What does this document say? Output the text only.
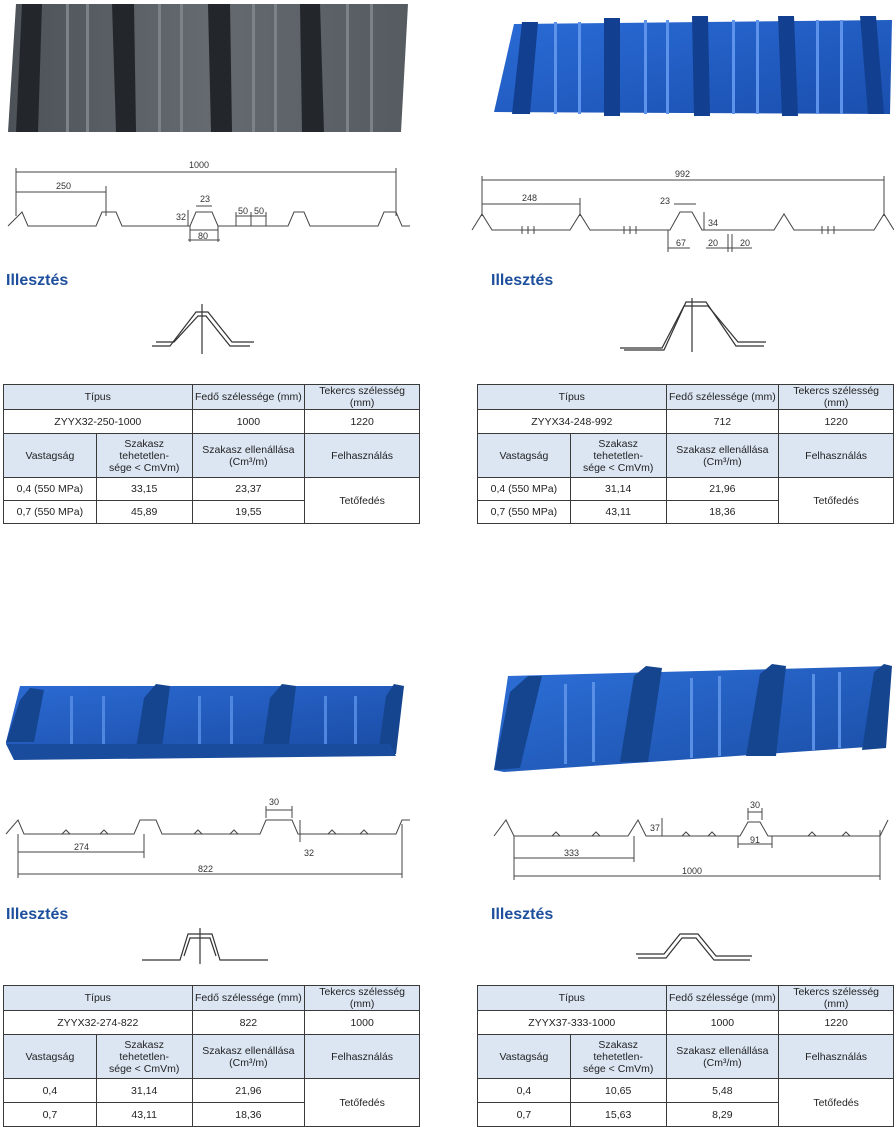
1000
250
23
32
50 50
80
Illesztés
Típus		Fedő szélessége (mm)	Tekercs szélesség (mm)
ZYYX32-250-1000		1000	1220
Vastagság	Szakasz tehetetlen-
sége < CmVm)	Szakasz ellenállása
(Cm³/m)	Felhasználás
0,4 (550 MPa)	33,15	23,37	Tetőfedés
0,7 (550 MPa)	45,89	19,55	
992
248	23
34
67 20 20
Illesztés
Típus		Fedő szélessége (mm)	Tekercs szélesség (mm)
ZYYX34-248-992		712	1220
Vastagság	Szakasz tehetetlen-
sége < CmVm)	Szakasz ellenállása
(Cm³/m)	Felhasználás
0,4 (550 MPa)	31,14	21,96	Tetőfedés
0,7 (550 MPa)	43,11	18,36	
30
274
32
822
Illesztés
Típus		Fedő szélessége (mm)	Tekercs szélesség (mm)
ZYYX32-274-822		822	1000
Vastagság	Szakasz tehetetlen-
sége < CmVm)	Szakasz ellenállása
(Cm³/m)	Felhasználás
0,4	31,14	21,96	Tetőfedés
0,7	43,11	18,36	
30
37
91
333
1000
Illesztés
Típus		Fedő szélessége (mm)	Tekercs szélesség (mm)
ZYYX37-333-1000		1000	1220
Vastagság	Szakasz tehetetlen-
sége < CmVm)	Szakasz ellenállása
(Cm³/m)	Felhasználás
0,4	10,65	5,48	Tetőfedés
0,7	15,63	8,29	
